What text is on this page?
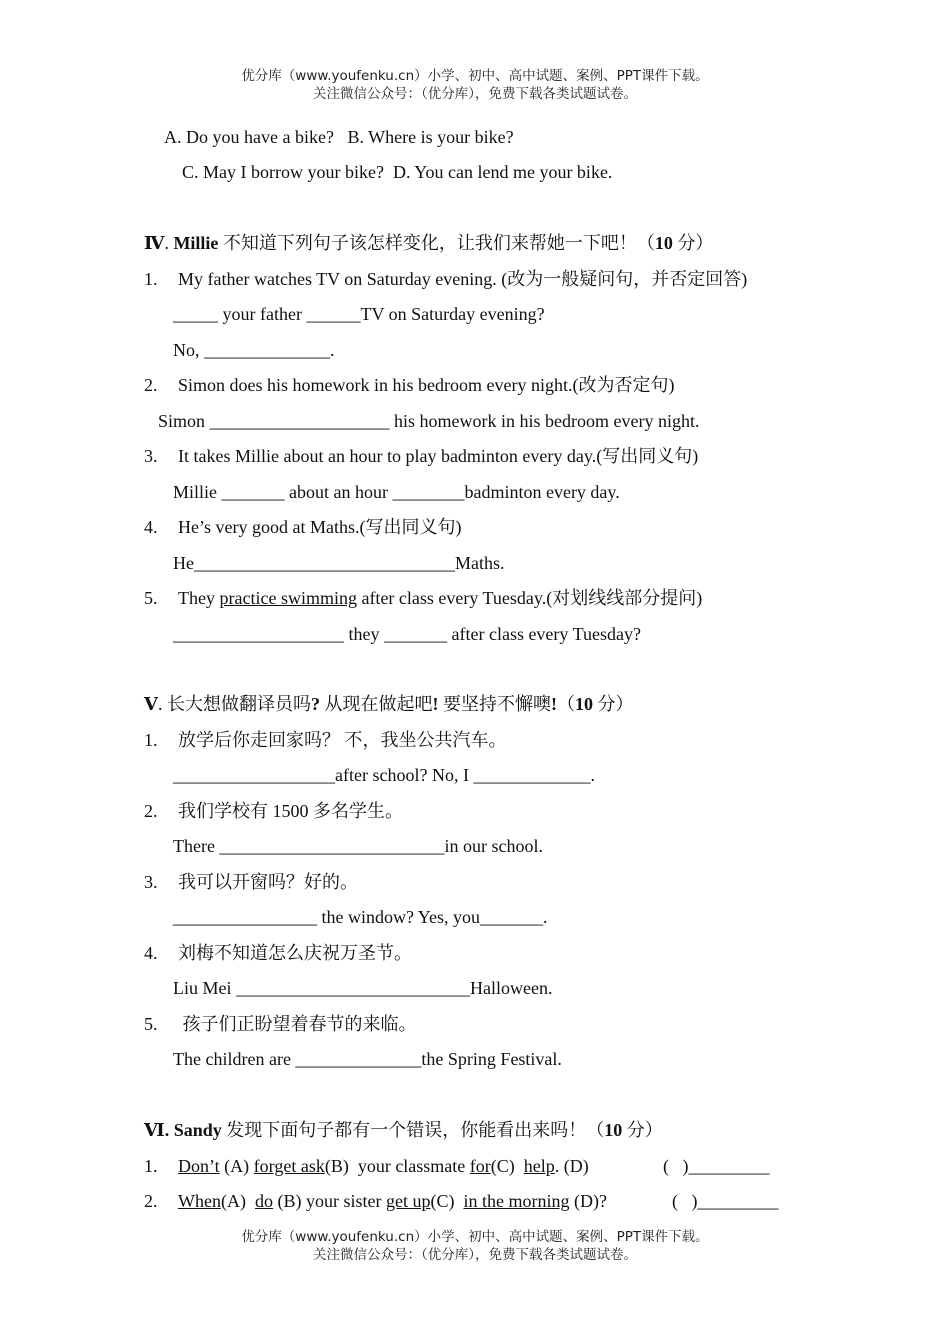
优分库（www.youfenku.cn）小学、初中、高中试题、案例、PPT课件下载。
关注微信公众号：（优分库），免费下载各类试题试卷。
A. Do you have a bike?   B. Where is your bike?
C. May I borrow your bike?  D. You can lend me your bike.
Ⅳ. Millie 不知道下列句子该怎样变化，让我们来帮她一下吧！（10 分）
1. My father watches TV on Saturday evening. (改为一般疑问句，并否定回答)
_____ your father ______TV on Saturday evening?
No, ______________.
2. Simon does his homework in his bedroom every night.(改为否定句)
Simon ____________________ his homework in his bedroom every night.
3. It takes Millie about an hour to play badminton every day.(写出同义句)
Millie _______ about an hour ________badminton every day.
4. He’s very good at Maths.(写出同义句)
He_____________________________Maths.
5. They practice swimming after class every Tuesday.(对划线线部分提问)
___________________ they _______ after class every Tuesday?
Ⅴ. 长大想做翻译员吗? 从现在做起吧! 要坚持不懈噢!（10 分）
1. 放学后你走回家吗？ 不，我坐公共汽车。
__________________after school? No, I _____________.
2. 我们学校有 1500 多名学生。
There _________________________in our school.
3. 我可以开窗吗？好的。
________________ the window? Yes, you_______.
4. 刘梅不知道怎么庆祝万圣节。
Liu Mei __________________________Halloween.
5. 孩子们正盼望着春节的来临。
The children are ______________the Spring Festival.
Ⅵ. Sandy 发现下面句子都有一个错误，你能看出来吗！（10 分）
1. Don’t (A) forget ask(B)  your classmate for(C)  help. (D)	(   )_________
2. When(A)  do (B) your sister get up(C)  in the morning (D)?	(   )_________
优分库（www.youfenku.cn）小学、初中、高中试题、案例、PPT课件下载。
关注微信公众号：（优分库），免费下载各类试题试卷。
